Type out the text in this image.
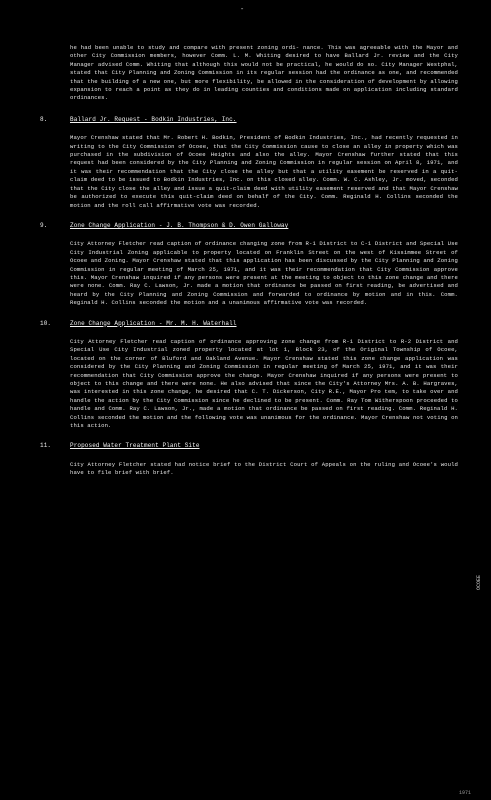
-

he had been unable to study and compare with present zoning ordi- nance. This was agreeable with the Mayor and other City Commission members, however Comm. L. M. Whiting desired to have Ballard Jr. review and the City Manager advised Comm. Whiting that although this would not be practical, he would do so. City Manager Westphal, stated that City Planning and Zoning Commission in its regular session had the ordinance as one, and recommended that the building of a new one, but more flexibility, be allowed in the consideration of development by allowing expansion to reach a point as they do in leading counties and conditions made on application including standard ordinances.

8.	Ballard Jr. Request - Bodkin Industries, Inc.

Mayor Crenshaw stated that Mr. Robert H. Bodkin, President of Bodkin Industries, Inc., had recently requested in writing to the City Commission of Ocoee, that the City Commission cause to close an alley in property which was purchased in the subdivision of Ocoee Heights and also the alley. Mayor Crenshaw further stated that this request had been considered by the City Planning and Zoning Commission in regular session on April 8, 1971, and it was their recommendation that the City close the alley but that a utility easement be reserved in a quit-claim deed to be issued to Bodkin Industries, Inc. on this closed alley. Comm. W. C. Ashley, Jr. moved, seconded that the City close the alley and issue a quit-claim deed with utility easement reserved and that Mayor Crenshaw be authorized to execute this quit-claim deed on behalf of the City. Comm. Reginald H. Collins seconded the motion and the roll call affirmative vote was recorded.

9.	Zone Change Application - J. B. Thompson & D. Owen Galloway

City Attorney Fletcher read caption of ordinance changing zone from R-1 District to C-1 District and Special Use City Industrial Zoning applicable to property located on Franklin Street on the west of Kissimmee Street of Ocoee and Zoning. Mayor Crenshaw stated that this application has been discussed by the City Planning and Zoning Commission in regular meeting of March 25, 1971, and it was their recommendation that City Commission approve this. Mayor Crenshaw inquired if any persons were present at the meeting to object to this zone change and there were none. Comm. Ray C. Lawson, Jr. made a motion that ordinance be passed on first reading, be advertised and heard by the City Planning and Zoning Commission and forwarded to ordinance by motion and in this. Comm. Reginald H. Collins seconded the motion and a unanimous affirmative vote was recorded.

10.	Zone Change Application - Mr. M. H. Waterhall

City Attorney Fletcher read caption of ordinance approving zone change from R-1 District to R-2 District and Special Use City Industrial zoned property located at lot 1, Block 23, of the Original Township of Ocoee, located on the corner of Bluford and Oakland Avenue. Mayor Crenshaw stated this zone change application was considered by the City Planning and Zoning Commission in regular meeting of March 25, 1971, and it was their recommendation that City Commission approve the change. Mayor Crenshaw inquired if any persons were present to object to this change and there were none. He also advised that since the City's Attorney Mrs. A. B. Hargraves, was interested in this zone change, he desired that C. T. Dickerson, City R.E., Mayor Pro tem, to take over and handle the action by the City Commission since he declined to be present. Comm. Ray Tom Witherspoon proceeded to handle and Comm. Ray C. Lawson, Jr., made a motion that ordinance be passed on first reading. Comm. Reginald H. Collins seconded the motion and the following vote was unanimous for the ordinance. Mayor Crenshaw not voting on this action.

11.	Proposed Water Treatment Plant Site

City Attorney Fletcher stated had notice brief to the District Court of Appeals on the ruling and Ocoee's would have to file brief with brief.

OCOEE
1971
